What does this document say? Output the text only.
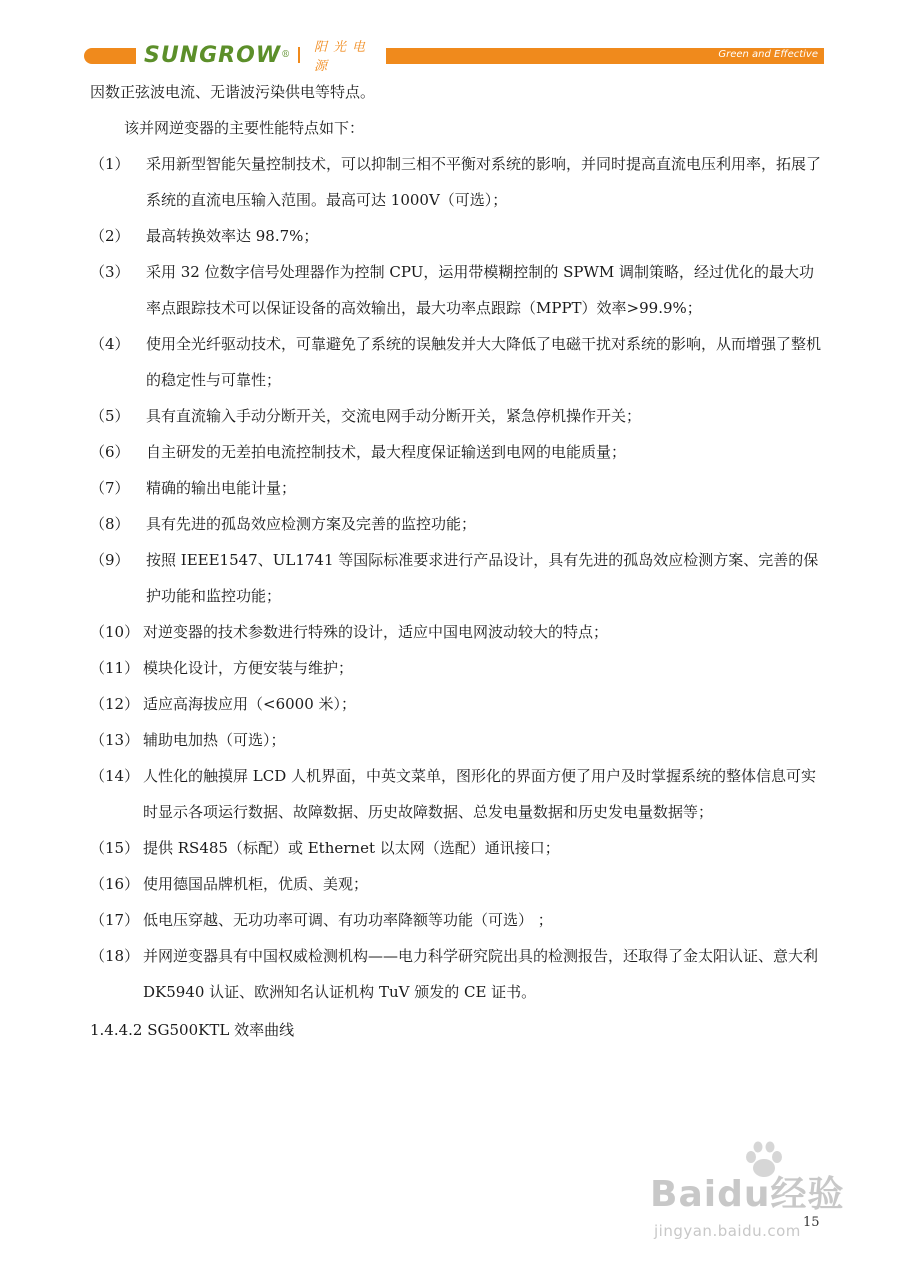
SUNGROW ® 阳光电源
Green and Effective

因数正弦波电流、无谐波污染供电等特点。

该并网逆变器的主要性能特点如下：

（1）	采用新型智能矢量控制技术，可以抑制三相不平衡对系统的影响，并同时提高直流电压利用率，拓展了系统的直流电压输入范围。最高可达 1000V（可选）；
（2）	最高转换效率达 98.7%；
（3）	采用 32 位数字信号处理器作为控制 CPU，运用带模糊控制的 SPWM 调制策略，经过优化的最大功率点跟踪技术可以保证设备的高效输出，最大功率点跟踪（MPPT）效率>99.9%；
（4）	使用全光纤驱动技术，可靠避免了系统的误触发并大大降低了电磁干扰对系统的影响，从而增强了整机的稳定性与可靠性；
（5）	具有直流输入手动分断开关，交流电网手动分断开关，紧急停机操作开关；
（6）	自主研发的无差拍电流控制技术，最大程度保证输送到电网的电能质量；
（7）	精确的输出电能计量；
（8）	具有先进的孤岛效应检测方案及完善的监控功能；
（9）	按照 IEEE1547、UL1741 等国际标准要求进行产品设计，具有先进的孤岛效应检测方案、完善的保护功能和监控功能；
（10） 对逆变器的技术参数进行特殊的设计，适应中国电网波动较大的特点；
（11） 模块化设计，方便安装与维护；
（12） 适应高海拔应用（<6000 米）；
（13） 辅助电加热（可选）；
（14） 人性化的触摸屏 LCD 人机界面，中英文菜单，图形化的界面方便了用户及时掌握系统的整体信息可实时显示各项运行数据、故障数据、历史故障数据、总发电量数据和历史发电量数据等；
（15） 提供 RS485（标配）或 Ethernet 以太网（选配）通讯接口；
（16） 使用德国品牌机柜，优质、美观；
（17） 低电压穿越、无功功率可调、有功功率降额等功能（可选） ；
（18） 并网逆变器具有中国权威检测机构——电力科学研究院出具的检测报告，还取得了金太阳认证、意大利 DK5940 认证、欧洲知名认证机构 TuV 颁发的 CE 证书。
1.4.4.2 SG500KTL 效率曲线
Baidu经验
jingyan.baidu.com 15
